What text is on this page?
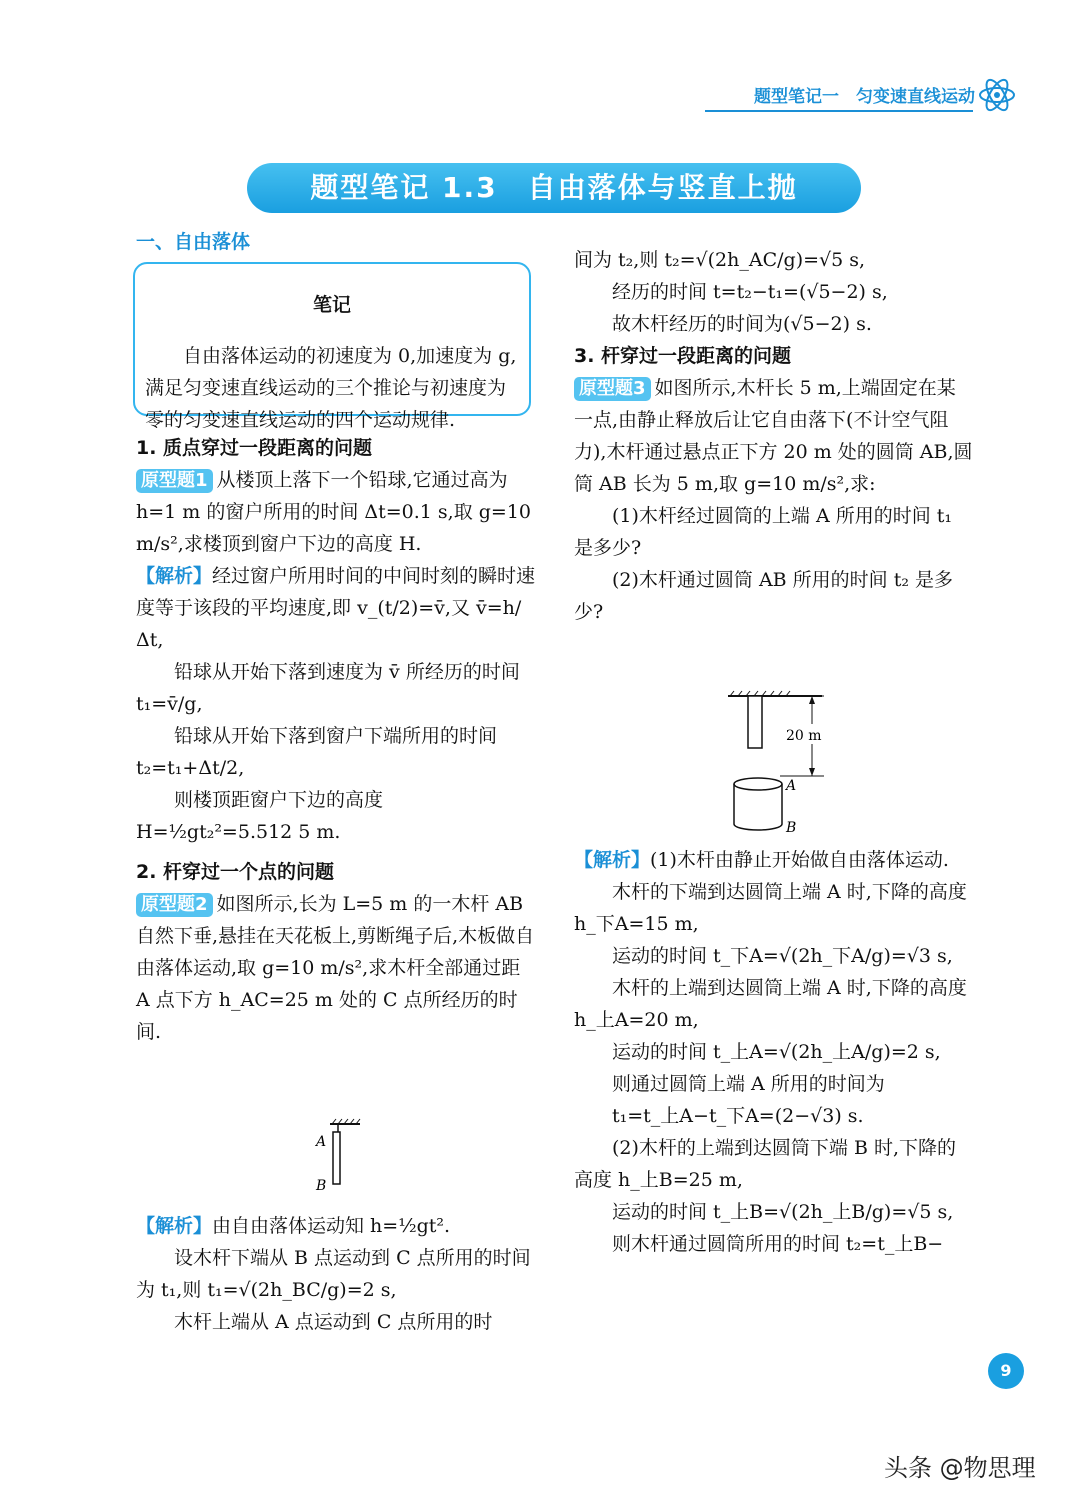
题型笔记一　匀变速直线运动
题型笔记 1.3　自由落体与竖直上抛

一、自由落体

笔记

自由落体运动的初速度为 0,加速度为 g,满足匀变速直线运动的三个推论与初速度为零的匀变速直线运动的四个运动规律.

1. 质点穿过一段距离的问题

原型题1 从楼顶上落下一个铅球,它通过高为 h=1 m 的窗户所用的时间 Δt=0.1 s,取 g=10 m/s²,求楼顶到窗户下边的高度 H.

【解析】经过窗户所用时间的中间时刻的瞬时速度等于该段的平均速度,即 v_(t/2)=v̄,又 v̄=h/Δt,

铅球从开始下落到速度为 v̄ 所经历的时间 t₁=v̄/g,

铅球从开始下落到窗户下端所用的时间 t₂=t₁+Δt/2,

则楼顶距窗户下边的高度 H=½gt₂²=5.512 5 m.

2. 杆穿过一个点的问题

原型题2 如图所示,长为 L=5 m 的一木杆 AB 自然下垂,悬挂在天花板上,剪断绳子后,木板做自由落体运动,取 g=10 m/s²,求木杆全部通过距 A 点下方 h_AC=25 m 处的 C 点所经历的时间.

A
B

【解析】由自由落体运动知 h=½gt².

设木杆下端从 B 点运动到 C 点所用的时间为 t₁,则 t₁=√(2h_BC/g)=2 s,

木杆上端从 A 点运动到 C 点所用的时

间为 t₂,则 t₂=√(2h_AC/g)=√5 s,

经历的时间 t=t₂−t₁=(√5−2) s,

故木杆经历的时间为(√5−2) s.

3. 杆穿过一段距离的问题

原型题3 如图所示,木杆长 5 m,上端固定在某一点,由静止释放后让它自由落下(不计空气阻力),木杆通过悬点正下方 20 m 处的圆筒 AB,圆筒 AB 长为 5 m,取 g=10 m/s²,求:

(1)木杆经过圆筒的上端 A 所用的时间 t₁ 是多少?

(2)木杆通过圆筒 AB 所用的时间 t₂ 是多少?

20 m
A
B

【解析】(1)木杆由静止开始做自由落体运动.

木杆的下端到达圆筒上端 A 时,下降的高度 h_下A=15 m,

运动的时间 t_下A=√(2h_下A/g)=√3 s,

木杆的上端到达圆筒上端 A 时,下降的高度 h_上A=20 m,

运动的时间 t_上A=√(2h_上A/g)=2 s,

则通过圆筒上端 A 所用的时间为

t₁=t_上A−t_下A=(2−√3) s.

(2)木杆的上端到达圆筒下端 B 时,下降的高度 h_上B=25 m,

运动的时间 t_上B=√(2h_上B/g)=√5 s,

则木杆通过圆筒所用的时间 t₂=t_上B−

9
头条 @物思理
